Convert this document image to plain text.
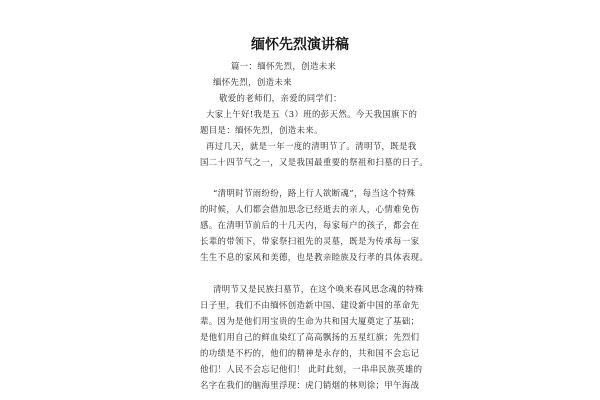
缅怀先烈演讲稿
篇一：缅怀先烈，创造未来
缅怀先烈，创造未来
敬爱的老师们，亲爱的同学们：
大家上午好!我是五（3）班的彭天然。今天我国旗下的
题目是：缅怀先烈，创造未来。
再过几天，就是一年一度的清明节了。清明节，既是我
国二十四节气之一，又是我国最重要的祭祖和扫墓的日子。
“清明时节雨纷纷，路上行人欲断魂”，每当这个特殊
的时候，人们都会借加思念已经逝去的亲人，心情难免伤
感。在清明节前后的十几天内，每家每户的孩子，都会在
长辈的带领下，带家祭扫祖先的灵墓，既是为传承每一家
生生不息的家风和美德，也是教亲睦族及行孝的具体表现。
清明节又是民族扫墓节，在这个唤来春风思念魂的特殊
日子里，我们不由缅怀创造新中国、建设新中国的革命先
辈。因为是他们用宝贵的生命为共和国大厦奠定了基础；
是他们用自己的鲜血染红了高高飘扬的五星红旗；先烈们
的功绩是不朽的，他们的精神是永存的，共和国不会忘记
他们！人民不会忘记他们！ 此时此刻，一串串民族英雄的
名字在我们的脑海里浮现：虎门销烟的林则徐；甲午海战
